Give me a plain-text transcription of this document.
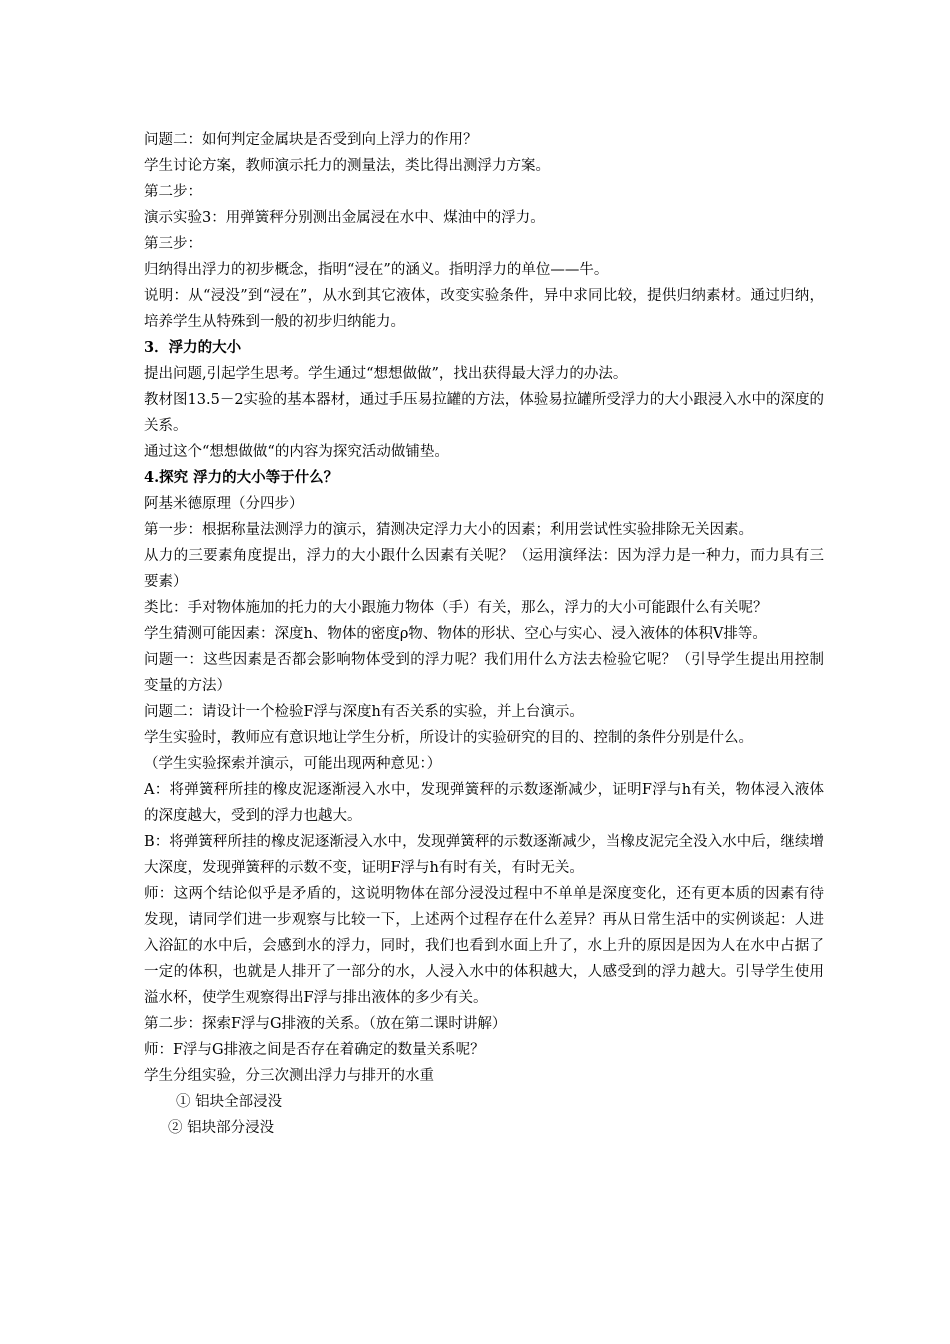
问题二：如何判定金属块是否受到向上浮力的作用？

学生讨论方案，教师演示托力的测量法，类比得出测浮力方案。

第二步：

演示实验3：用弹簧秤分别测出金属浸在水中、煤油中的浮力。

第三步：

归纳得出浮力的初步概念，指明“浸在”的涵义。指明浮力的单位——牛。

说明：从“浸没”到“浸在”，从水到其它液体，改变实验条件，异中求同比较，提供归纳素材。通过归纳，培养学生从特殊到一般的初步归纳能力。

3．浮力的大小

提出问题,引起学生思考。学生通过“想想做做”，找出获得最大浮力的办法。

教材图13.5－2实验的基本器材，通过手压易拉罐的方法，体验易拉罐所受浮力的大小跟浸入水中的深度的关系。

通过这个“想想做做“的内容为探究活动做铺垫。

4.探究 浮力的大小等于什么？

阿基米德原理（分四步）

第一步：根据称量法测浮力的演示，猜测决定浮力大小的因素；利用尝试性实验排除无关因素。

从力的三要素角度提出，浮力的大小跟什么因素有关呢？（运用演绎法：因为浮力是一种力，而力具有三要素）

类比：手对物体施加的托力的大小跟施力物体（手）有关，那么，浮力的大小可能跟什么有关呢？

学生猜测可能因素：深度h、物体的密度ρ物、物体的形状、空心与实心、浸入液体的体积V排等。

问题一：这些因素是否都会影响物体受到的浮力呢？我们用什么方法去检验它呢？（引导学生提出用控制变量的方法）

问题二：请设计一个检验F浮与深度h有否关系的实验，并上台演示。

学生实验时，教师应有意识地让学生分析，所设计的实验研究的目的、控制的条件分别是什么。

（学生实验探索并演示，可能出现两种意见：）

A：将弹簧秤所挂的橡皮泥逐渐浸入水中，发现弹簧秤的示数逐渐减少，证明F浮与h有关，物体浸入液体的深度越大，受到的浮力也越大。

B：将弹簧秤所挂的橡皮泥逐渐浸入水中，发现弹簧秤的示数逐渐减少，当橡皮泥完全没入水中后，继续增大深度，发现弹簧秤的示数不变，证明F浮与h有时有关，有时无关。

师：这两个结论似乎是矛盾的，这说明物体在部分浸没过程中不单单是深度变化，还有更本质的因素有待发现，请同学们进一步观察与比较一下，上述两个过程存在什么差异？再从日常生活中的实例谈起：人进入浴缸的水中后，会感到水的浮力，同时，我们也看到水面上升了，水上升的原因是因为人在水中占据了一定的体积，也就是人排开了一部分的水，人浸入水中的体积越大，人感受到的浮力越大。引导学生使用溢水杯，使学生观察得出F浮与排出液体的多少有关。

第二步：探索F浮与G排液的关系。（放在第二课时讲解）

师：F浮与G排液之间是否存在着确定的数量关系呢？

学生分组实验，分三次测出浮力与排开的水重

① 铝块全部浸没

② 铝块部分浸没
